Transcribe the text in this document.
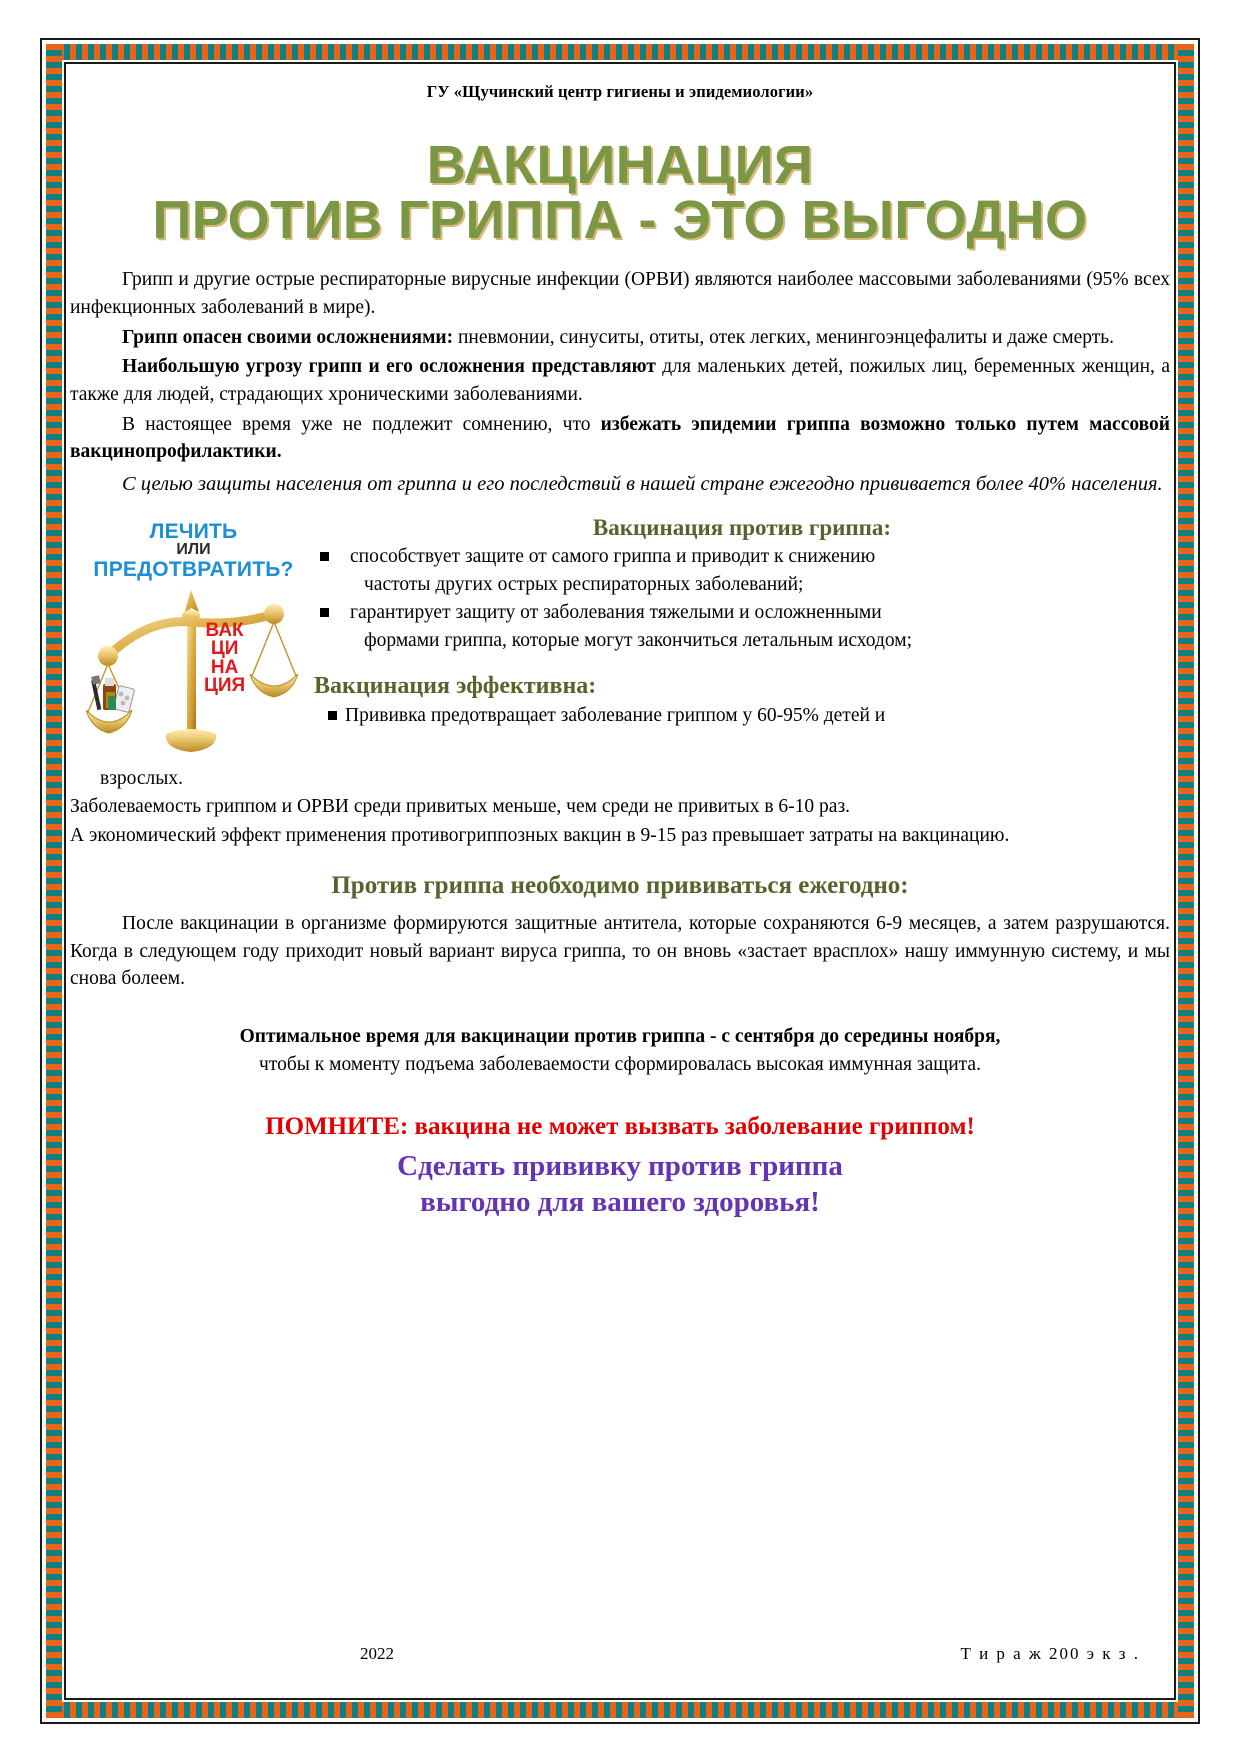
ГУ «Щучинский центр гигиены и эпидемиологии»
ВАКЦИНАЦИЯ
ПРОТИВ ГРИППА - ЭТО ВЫГОДНО

Грипп и другие острые респираторные вирусные инфекции (ОРВИ) являются наиболее массовыми заболеваниями (95% всех инфекционных заболеваний в мире).

Грипп опасен своими осложнениями: пневмонии, синуситы, отиты, отек легких, менингоэнцефалиты и даже смерть.

Наибольшую угрозу грипп и его осложнения представляют для маленьких детей, пожилых лиц, беременных женщин, а также для людей, страдающих хроническими заболеваниями.

В настоящее время уже не подлежит сомнению, что избежать эпидемии гриппа возможно только путем массовой вакцинопрофилактики.

С целью защиты населения от гриппа и его последствий в нашей стране ежегодно прививается более 40% населения.

ЛЕЧИТЬ
ИЛИ
ПРЕДОТВРАТИТЬ?
ВАК
ЦИ
НА
ЦИЯ
Вакцинация против гриппа:
способствует защите от самого гриппа и приводит к снижению
частоты других острых респираторных заболеваний;
гарантирует защиту от заболевания тяжелыми и осложненными
формами гриппа, которые могут закончиться летальным исходом;
Вакцинация эффективна:
Прививка предотвращает заболевание гриппом у 60-95% детей и

взрослых.

Заболеваемость гриппом и ОРВИ среди привитых меньше, чем среди не привитых в 6-10 раз.

А экономический эффект применения противогриппозных вакцин в 9-15 раз превышает затраты на вакцинацию.

Против гриппа необходимо прививаться ежегодно:

После вакцинации в организме формируются защитные антитела, которые сохраняются 6-9 месяцев, а затем разрушаются. Когда в следующем году приходит новый вариант вируса гриппа, то он вновь «застает врасплох» нашу иммунную систему, и мы снова болеем.

Оптимальное время для вакцинации против гриппа - с сентября до середины ноября,
чтобы к моменту подъема заболеваемости сформировалась высокая иммунная защита.
ПОМНИТЕ: вакцина не может вызвать заболевание гриппом!
Сделать прививку против гриппа
выгодно для вашего здоровья!
2022	Т и р а ж 200 э к з .
